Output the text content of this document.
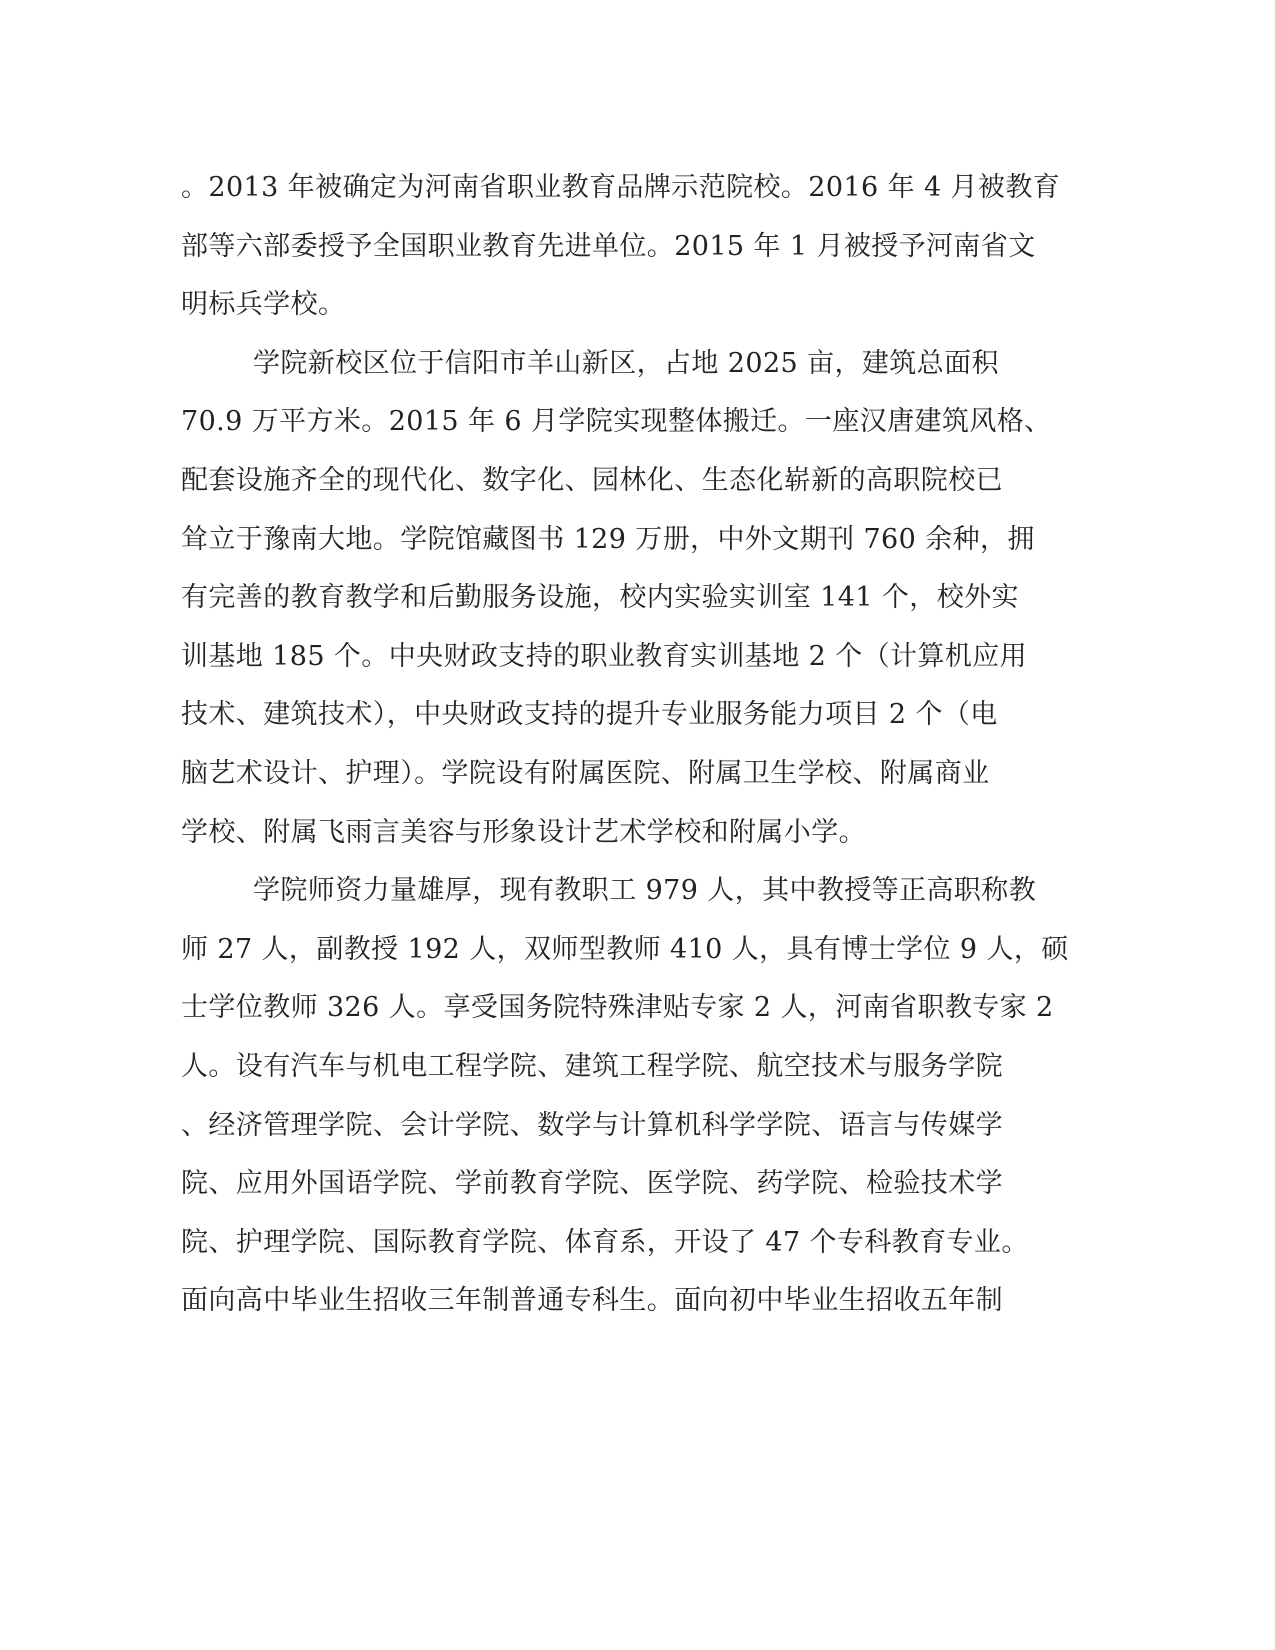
。2013 年被确定为河南省职业教育品牌示范院校。2016 年 4 月被教育
部等六部委授予全国职业教育先进单位。2015 年 1 月被授予河南省文
明标兵学校。
学院新校区位于信阳市羊山新区，占地 2025 亩，建筑总面积
70.9 万平方米。2015 年 6 月学院实现整体搬迁。一座汉唐建筑风格、
配套设施齐全的现代化、数字化、园林化、生态化崭新的高职院校已
耸立于豫南大地。学院馆藏图书 129 万册，中外文期刊 760 余种，拥
有完善的教育教学和后勤服务设施，校内实验实训室 141 个，校外实
训基地 185 个。中央财政支持的职业教育实训基地 2 个（计算机应用
技术、建筑技术），中央财政支持的提升专业服务能力项目 2 个（电
脑艺术设计、护理）。学院设有附属医院、附属卫生学校、附属商业
学校、附属飞雨言美容与形象设计艺术学校和附属小学。
学院师资力量雄厚，现有教职工 979 人，其中教授等正高职称教
师 27 人，副教授 192 人，双师型教师 410 人，具有博士学位 9 人，硕
士学位教师 326 人。享受国务院特殊津贴专家 2 人，河南省职教专家 2
人。设有汽车与机电工程学院、建筑工程学院、航空技术与服务学院
、经济管理学院、会计学院、数学与计算机科学学院、语言与传媒学
院、应用外国语学院、学前教育学院、医学院、药学院、检验技术学
院、护理学院、国际教育学院、体育系，开设了 47 个专科教育专业。
面向高中毕业生招收三年制普通专科生。面向初中毕业生招收五年制
